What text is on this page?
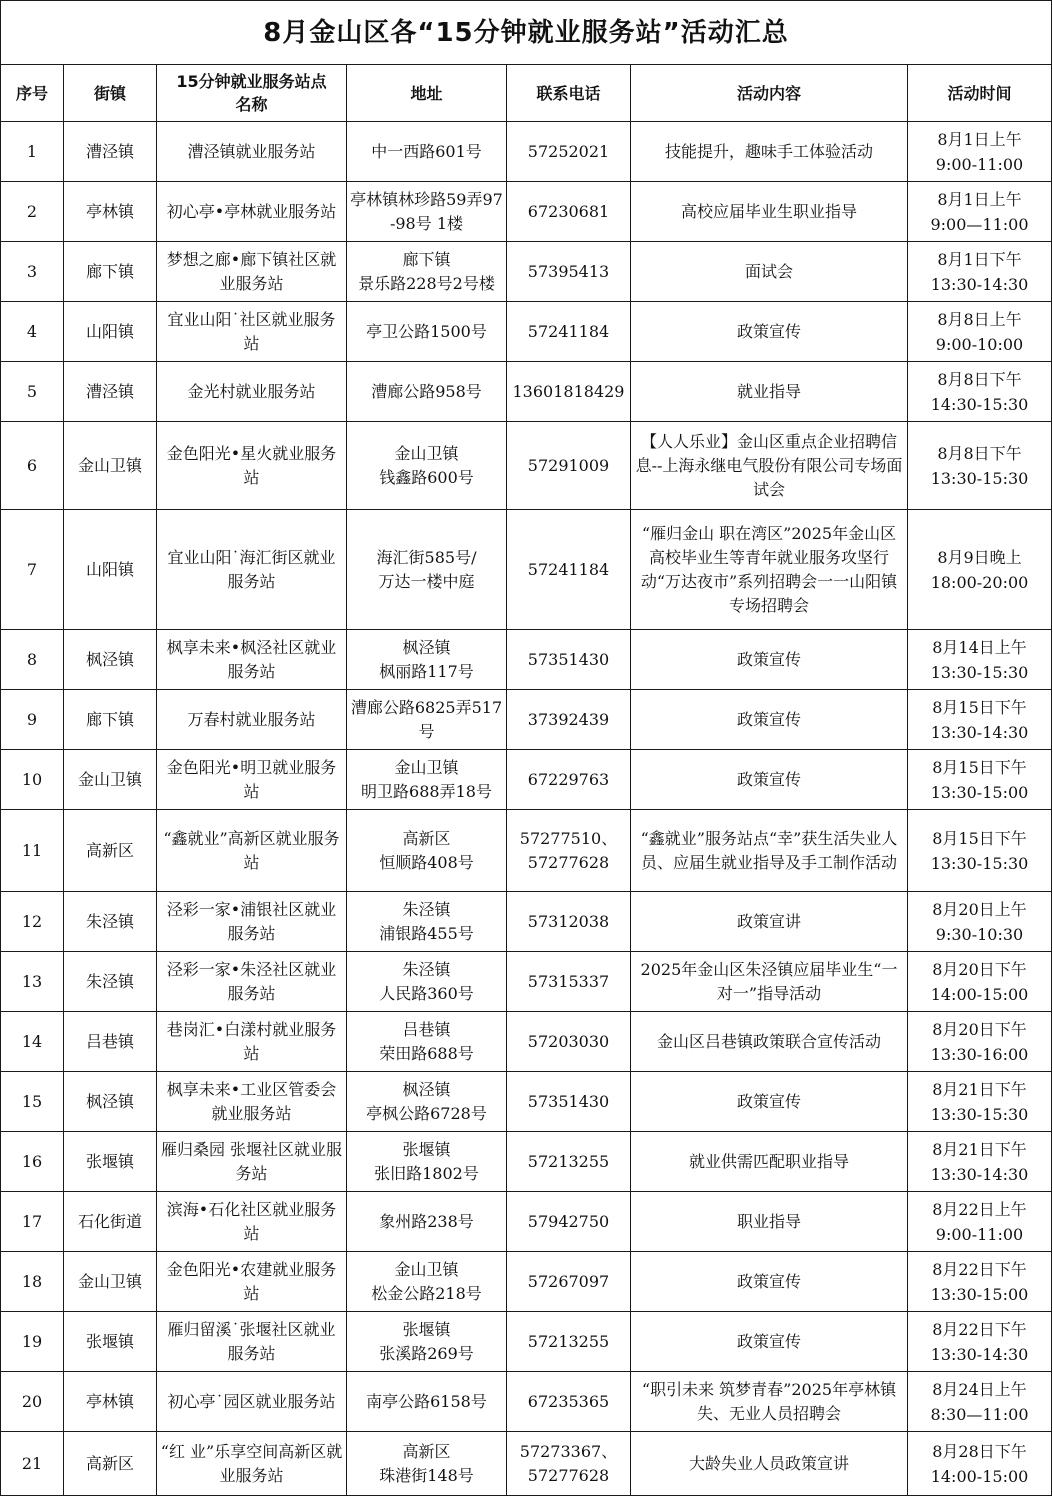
8月金山区各“15分钟就业服务站”活动汇总						
序号	街镇	15分钟就业服务站点名称	地址	联系电话	活动内容	活动时间

1	漕泾镇	漕泾镇就业服务站	中一西路601号	57252021	技能提升，趣味手工体验活动	8月1日上午
9:00-11:00

2	亭林镇	初心亭•亭林就业服务站	亭林镇林珍路59弄97-98号 1楼	67230681	高校应届毕业生职业指导	8月1日上午
9:00—11:00

3	廊下镇	梦想之廊•廊下镇社区就业服务站	廊下镇
景乐路228号2号楼	57395413	面试会	8月1日下午
13:30-14:30

4	山阳镇	宜业山阳˙社区就业服务站	亭卫公路1500号	57241184	政策宣传	8月8日上午
9:00-10:00

5	漕泾镇	金光村就业服务站	漕廊公路958号	13601818429	就业指导	8月8日下午
14:30-15:30

6	金山卫镇	金色阳光•星火就业服务站	金山卫镇
钱鑫路600号	57291009	【人人乐业】金山区重点企业招聘信息--上海永继电气股份有限公司专场面试会	8月8日下午
13:30-15:30

7	山阳镇	宜业山阳˙海汇街区就业服务站	海汇街585号/
万达一楼中庭	57241184	“雁归金山 职在湾区”2025年金山区高校毕业生等青年就业服务攻坚行动“万达夜市”系列招聘会一一山阳镇专场招聘会	8月9日晚上
18:00-20:00

8	枫泾镇	枫享未来•枫泾社区就业服务站	枫泾镇
枫丽路117号	57351430	政策宣传	8月14日上午
13:30-15:30

9	廊下镇	万春村就业服务站	漕廊公路6825弄517号	37392439	政策宣传	8月15日下午
13:30-14:30

10	金山卫镇	金色阳光•明卫就业服务站	金山卫镇
明卫路688弄18号	67229763	政策宣传	8月15日下午
13:30-15:00

11	高新区	“鑫就业”高新区就业服务站	高新区
恒顺路408号	57277510、
57277628	“鑫就业”服务站点“幸”获生活失业人员、应届生就业指导及手工制作活动	8月15日下午
13:30-15:30

12	朱泾镇	泾彩一家•浦银社区就业服务站	朱泾镇
浦银路455号	57312038	政策宣讲	8月20日上午
9:30-10:30

13	朱泾镇	泾彩一家•朱泾社区就业服务站	朱泾镇
人民路360号	57315337	2025年金山区朱泾镇应届毕业生“一对一”指导活动	8月20日下午
14:00-15:00

14	吕巷镇	巷岗汇•白漾村就业服务站	吕巷镇
荣田路688号	57203030	金山区吕巷镇政策联合宣传活动	8月20日下午
13:30-16:00

15	枫泾镇	枫享未来•工业区管委会就业服务站	枫泾镇
亭枫公路6728号	57351430	政策宣传	8月21日下午
13:30-15:30

16	张堰镇	雁归桑园 张堰社区就业服务站	张堰镇
张旧路1802号	57213255	就业供需匹配职业指导	8月21日下午
13:30-14:30

17	石化街道	滨海•石化社区就业服务站	象州路238号	57942750	职业指导	8月22日上午
9:00-11:00

18	金山卫镇	金色阳光•农建就业服务站	金山卫镇
松金公路218号	57267097	政策宣传	8月22日下午
13:30-15:00

19	张堰镇	雁归留溪˙张堰社区就业服务站	张堰镇
张溪路269号	57213255	政策宣传	8月22日下午
13:30-14:30

20	亭林镇	初心亭˙园区就业服务站	南亭公路6158号	67235365	“职引未来 筑梦青春”2025年亭林镇失、无业人员招聘会	8月24日上午
8:30—11:00

21	高新区	“红 业”乐享空间高新区就业服务站	高新区
珠港街148号	57273367、
57277628	大龄失业人员政策宣讲	8月28日下午
14:00-15:00
